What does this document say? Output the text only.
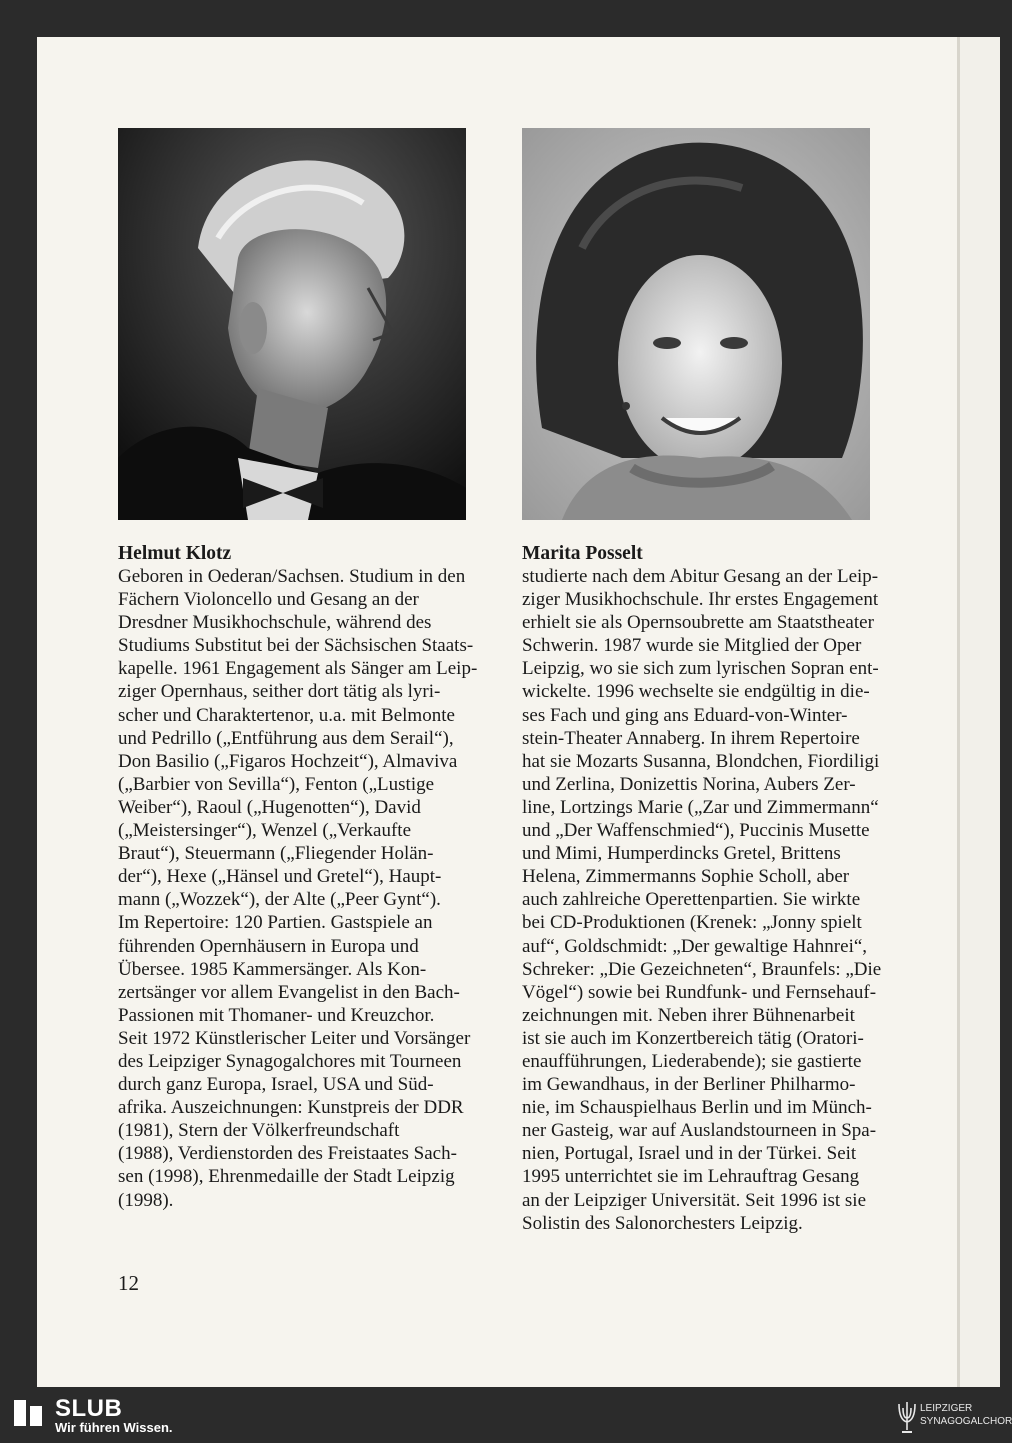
Helmut Klotz
Geboren in Oederan/Sachsen. Studium in den
Fächern Violoncello und Gesang an der
Dresdner Musikhochschule, während des
Studiums Substitut bei der Sächsischen Staats-
kapelle. 1961 Engagement als Sänger am Leip-
ziger Opernhaus, seither dort tätig als lyri-
scher und Charaktertenor, u.a. mit Belmonte
und Pedrillo („Entführung aus dem Serail“),
Don Basilio („Figaros Hochzeit“), Almaviva
(„Barbier von Sevilla“), Fenton („Lustige
Weiber“), Raoul („Hugenotten“), David
(„Meistersinger“), Wenzel („Verkaufte
Braut“), Steuermann („Fliegender Holän-
der“), Hexe („Hänsel und Gretel“), Haupt-
mann („Wozzek“), der Alte („Peer Gynt“).
Im Repertoire: 120 Partien. Gastspiele an
führenden Opernhäusern in Europa und
Übersee. 1985 Kammersänger. Als Kon-
zertsänger vor allem Evangelist in den Bach-
Passionen mit Thomaner- und Kreuzchor.
Seit 1972 Künstlerischer Leiter und Vorsänger
des Leipziger Synagogalchores mit Tourneen
durch ganz Europa, Israel, USA und Süd-
afrika. Auszeichnungen: Kunstpreis der DDR
(1981), Stern der Völkerfreundschaft
(1988), Verdienstorden des Freistaates Sach-
sen (1998), Ehrenmedaille der Stadt Leipzig
(1998).
Marita Posselt
studierte nach dem Abitur Gesang an der Leip-
ziger Musikhochschule. Ihr erstes Engagement
erhielt sie als Opernsoubrette am Staatstheater
Schwerin. 1987 wurde sie Mitglied der Oper
Leipzig, wo sie sich zum lyrischen Sopran ent-
wickelte. 1996 wechselte sie endgültig in die-
ses Fach und ging ans Eduard-von-Winter-
stein-Theater Annaberg. In ihrem Repertoire
hat sie Mozarts Susanna, Blondchen, Fiordiligi
und Zerlina, Donizettis Norina, Aubers Zer-
line, Lortzings Marie („Zar und Zimmermann“
und „Der Waffenschmied“), Puccinis Musette
und Mimi, Humperdincks Gretel, Brittens
Helena, Zimmermanns Sophie Scholl, aber
auch zahlreiche Operettenpartien. Sie wirkte
bei CD-Produktionen (Krenek: „Jonny spielt
auf“, Goldschmidt: „Der gewaltige Hahnrei“,
Schreker: „Die Gezeichneten“, Braunfels: „Die
Vögel“) sowie bei Rundfunk- und Fernsehauf-
zeichnungen mit. Neben ihrer Bühnenarbeit
ist sie auch im Konzertbereich tätig (Oratori-
enaufführungen, Liederabende); sie gastierte
im Gewandhaus, in der Berliner Philharmo-
nie, im Schauspielhaus Berlin und im Münch-
ner Gasteig, war auf Auslandstourneen in Spa-
nien, Portugal, Israel und in der Türkei. Seit
1995 unterrichtet sie im Lehrauftrag Gesang
an der Leipziger Universität. Seit 1996 ist sie
Solistin des Salonorchesters Leipzig.
12
SLUB
Wir führen Wissen.
LEIPZIGER
SYNAGOGALCHOR
